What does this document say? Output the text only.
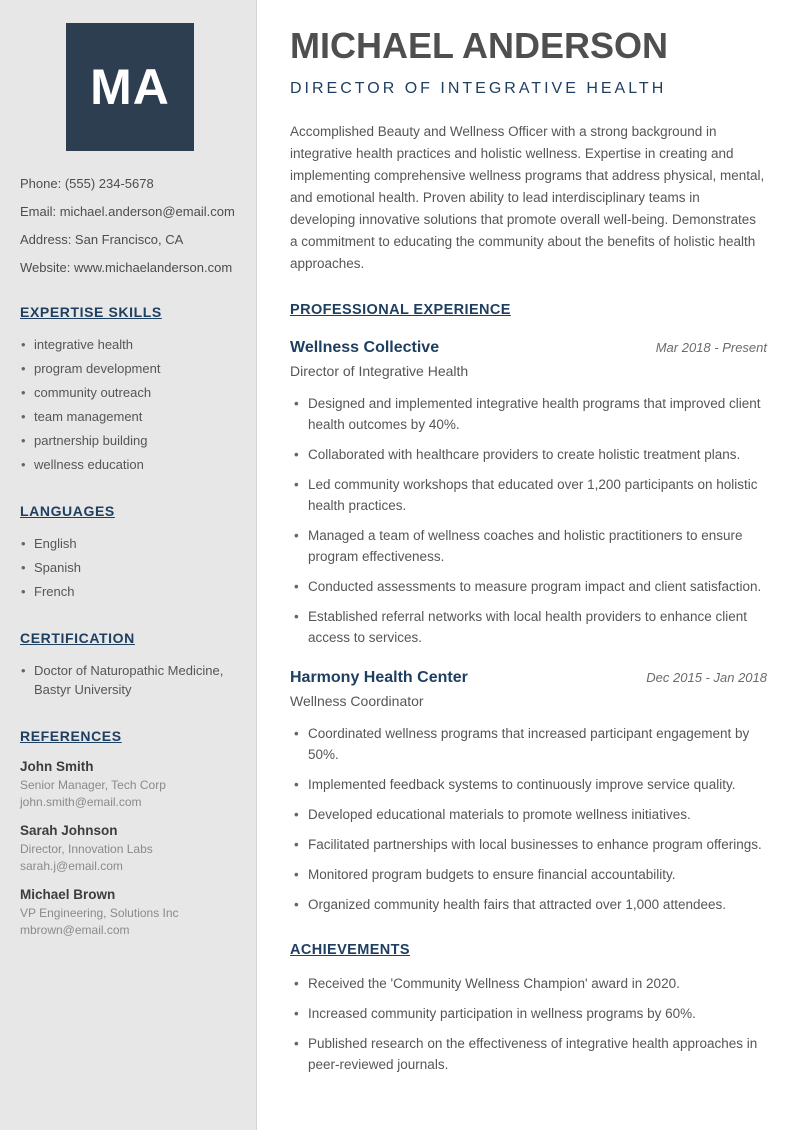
MA
Phone: (555) 234-5678
Email: michael.anderson@email.com
Address: San Francisco, CA
Website: www.michaelanderson.com
EXPERTISE SKILLS
• integrative health
• program development
• community outreach
• team management
• partnership building
• wellness education
LANGUAGES
• English
• Spanish
• French
CERTIFICATION
• Doctor of Naturopathic Medicine, Bastyr University
REFERENCES
John Smith
Senior Manager, Tech Corp
john.smith@email.com
Sarah Johnson
Director, Innovation Labs
sarah.j@email.com
Michael Brown
VP Engineering, Solutions Inc
mbrown@email.com
MICHAEL ANDERSON
DIRECTOR OF INTEGRATIVE HEALTH

Accomplished Beauty and Wellness Officer with a strong background in integrative health practices and holistic wellness. Expertise in creating and implementing comprehensive wellness programs that address physical, mental, and emotional health. Proven ability to lead interdisciplinary teams in developing innovative solutions that promote overall well-being. Demonstrates a commitment to educating the community about the benefits of holistic health approaches.

PROFESSIONAL EXPERIENCE
Wellness Collective	Mar 2018 - Present
Director of Integrative Health
• Designed and implemented integrative health programs that improved client health outcomes by 40%.
• Collaborated with healthcare providers to create holistic treatment plans.
• Led community workshops that educated over 1,200 participants on holistic health practices.
• Managed a team of wellness coaches and holistic practitioners to ensure program effectiveness.
• Conducted assessments to measure program impact and client satisfaction.
• Established referral networks with local health providers to enhance client access to services.
Harmony Health Center	Dec 2015 - Jan 2018
Wellness Coordinator
• Coordinated wellness programs that increased participant engagement by 50%.
• Implemented feedback systems to continuously improve service quality.
• Developed educational materials to promote wellness initiatives.
• Facilitated partnerships with local businesses to enhance program offerings.
• Monitored program budgets to ensure financial accountability.
• Organized community health fairs that attracted over 1,000 attendees.
ACHIEVEMENTS
• Received the 'Community Wellness Champion' award in 2020.
• Increased community participation in wellness programs by 60%.
• Published research on the effectiveness of integrative health approaches in peer-reviewed journals.
